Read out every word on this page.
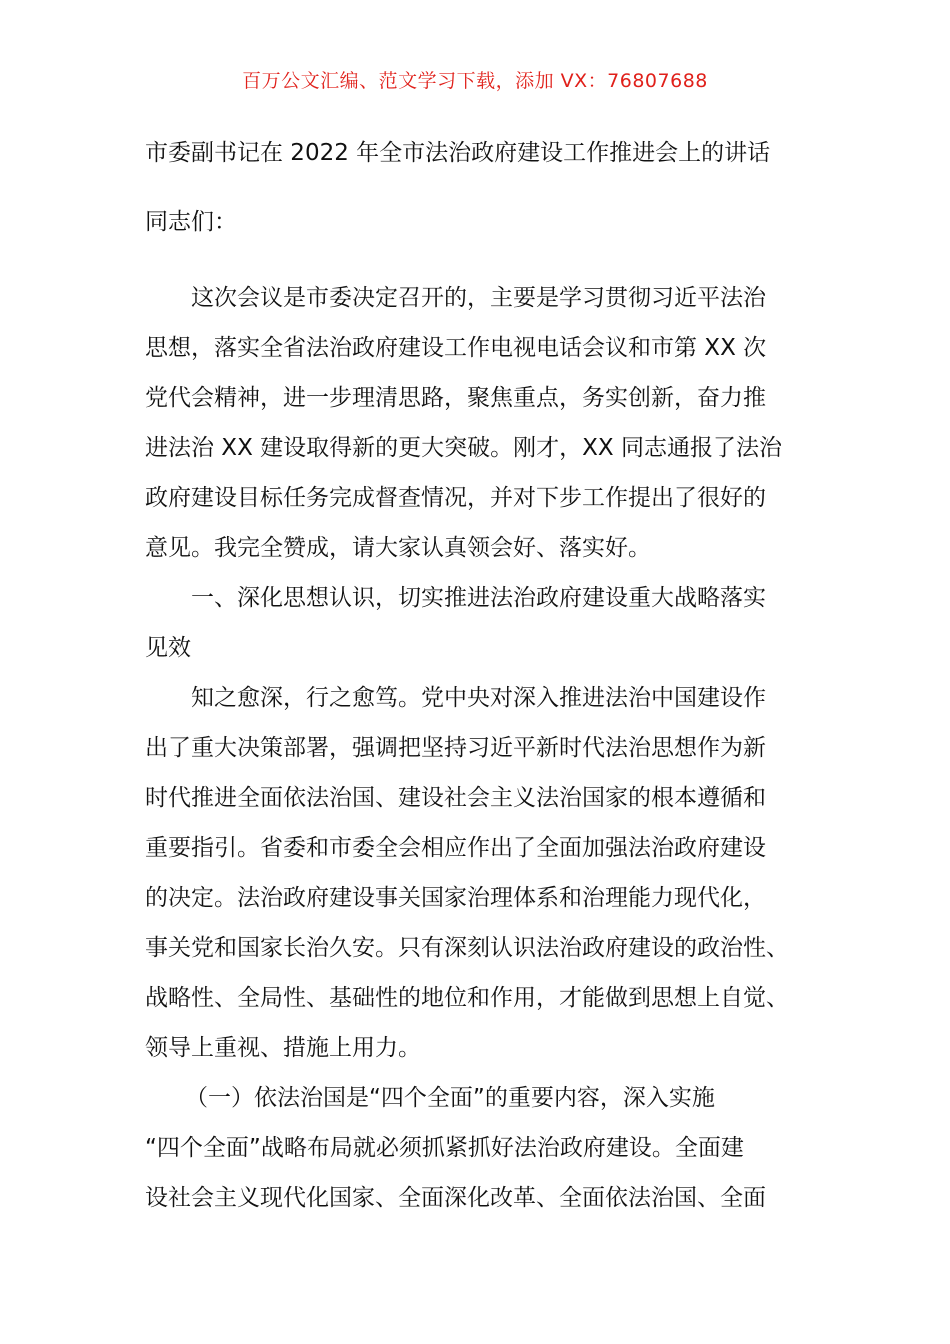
百万公文汇编、范文学习下载，添加 VX：76807688
市委副书记在 2022 年全市法治政府建设工作推进会上的讲话
同志们：
这次会议是市委决定召开的，主要是学习贯彻习近平法治
思想，落实全省法治政府建设工作电视电话会议和市第 XX 次
党代会精神，进一步理清思路，聚焦重点，务实创新，奋力推
进法治 XX 建设取得新的更大突破。刚才，XX 同志通报了法治
政府建设目标任务完成督查情况，并对下步工作提出了很好的
意见。我完全赞成，请大家认真领会好、落实好。
一、深化思想认识，切实推进法治政府建设重大战略落实
见效
知之愈深，行之愈笃。党中央对深入推进法治中国建设作
出了重大决策部署，强调把坚持习近平新时代法治思想作为新
时代推进全面依法治国、建设社会主义法治国家的根本遵循和
重要指引。省委和市委全会相应作出了全面加强法治政府建设
的决定。法治政府建设事关国家治理体系和治理能力现代化，
事关党和国家长治久安。只有深刻认识法治政府建设的政治性、
战略性、全局性、基础性的地位和作用，才能做到思想上自觉、
领导上重视、措施上用力。
（一）依法治国是“四个全面”的重要内容，深入实施
“四个全面”战略布局就必须抓紧抓好法治政府建设。全面建
设社会主义现代化国家、全面深化改革、全面依法治国、全面
